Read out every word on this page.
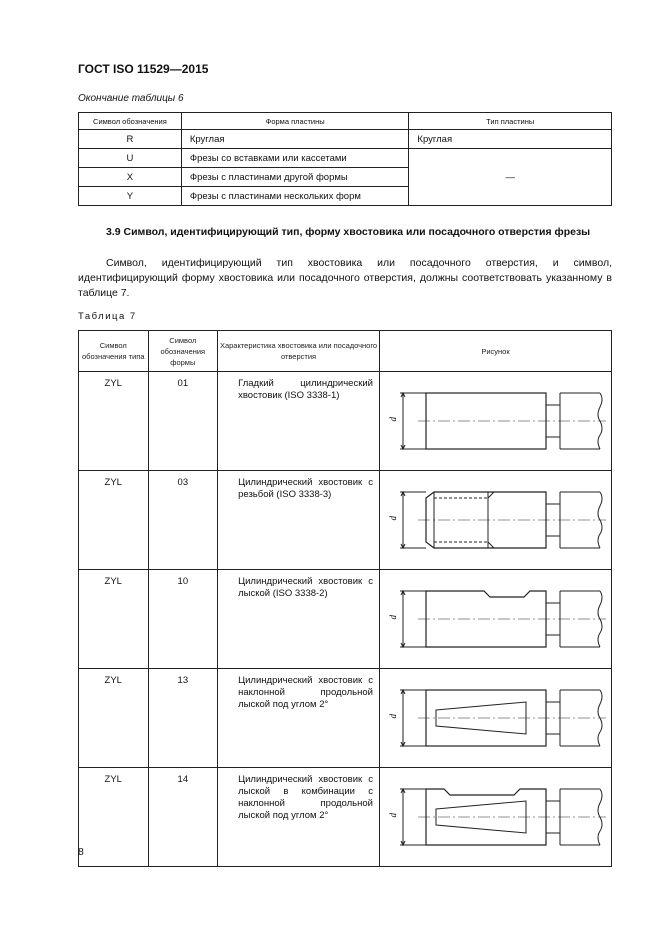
ГОСТ ISO 11529—2015
Окончание таблицы 6
Символ обозначения	Форма пластины	Тип пластины
R	Круглая	Круглая
U	Фрезы со вставками или кассетами	—
X	Фрезы с пластинами другой формы	
Y	Фрезы с пластинами нескольких форм	
3.9 Символ, идентифицирующий тип, форму хвостовика или посадочного отверстия фрезы
Символ, идентифицирующий тип хвостовика или посадочного отверстия, и символ, идентифицирующий форму хвостовика или посадочного отверстия, должны соответствовать указанному в таблице 7.
Таблица 7
Символ обозначения типа	Символ обозначения формы	Характеристика хвостовика или посадочного отверстия	Рисунок
ZYL	01	Гладкий цилиндрический хвостовик (ISO 3338-1)	d

ZYL	03	Цилиндрический хвостовик с резьбой (ISO 3338-3)	d

ZYL	10	Цилиндрический хвостовик с лыской (ISO 3338-2)	d

ZYL	13	Цилиндрический хвостовик с наклонной продольной лыской под углом 2°	d

ZYL	14	Цилиндрический хвостовик с лыской в комбинации с наклонной продольной лыской под углом 2°	d
8
